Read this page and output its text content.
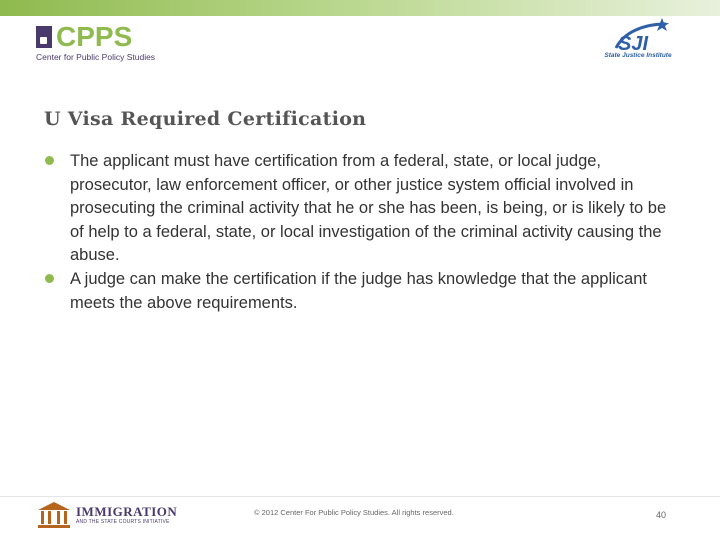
CPPS
Center for Public Policy Studies
SJI
State Justice Institute
U Visa Required Certification
The applicant must have certification from a federal, state, or local judge, prosecutor, law enforcement officer, or other justice system official involved in prosecuting the criminal activity that he or she has been, is being, or is likely to be of help to a federal, state, or local investigation of the criminal activity causing the abuse.
A judge can make the certification if the judge has knowledge that the applicant meets the above requirements.
IMMIGRATION
AND THE STATE COURTS INITIATIVE
© 2012 Center For Public Policy Studies. All rights reserved.	40
